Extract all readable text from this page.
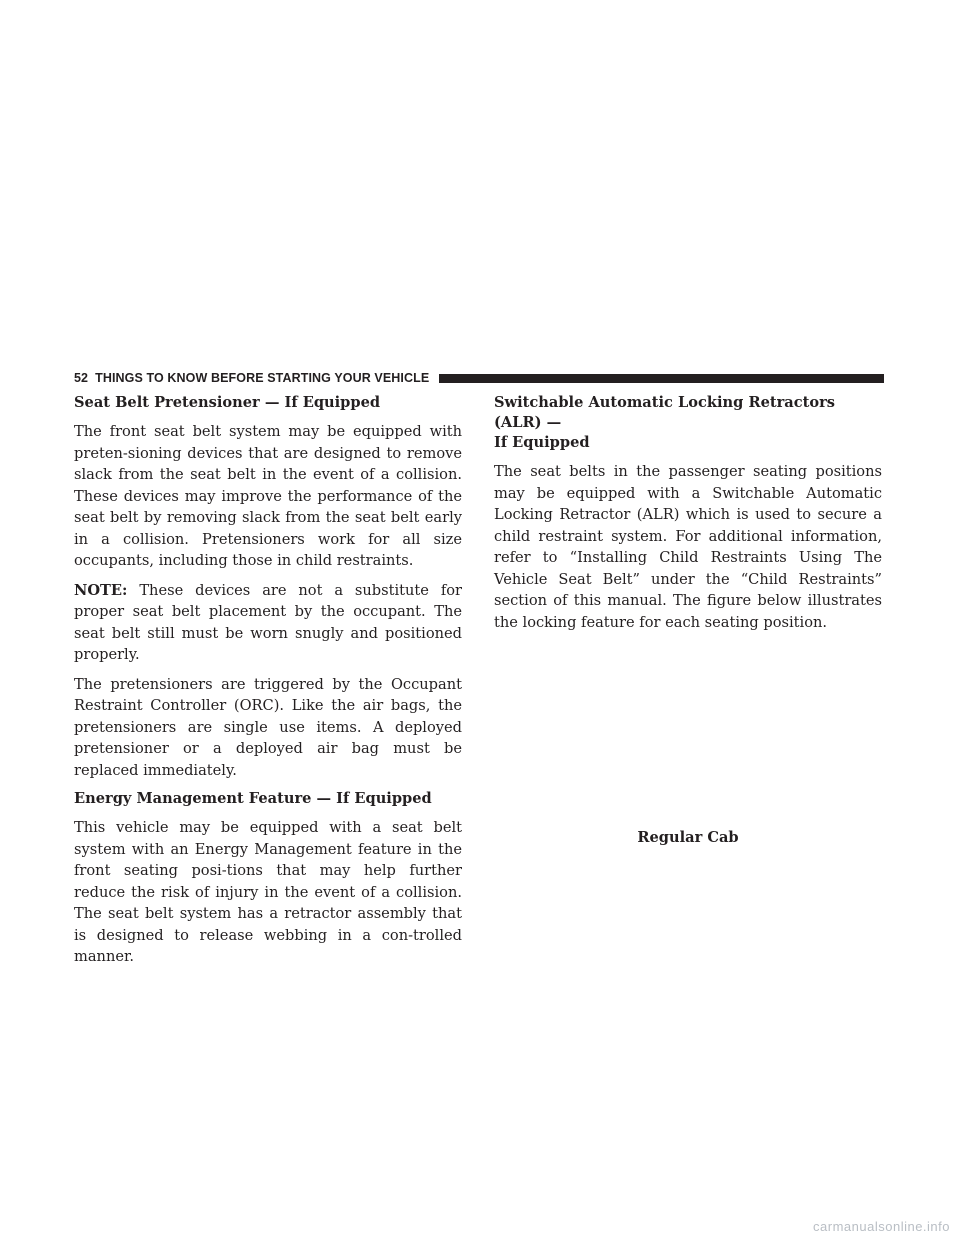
52 THINGS TO KNOW BEFORE STARTING YOUR VEHICLE
Seat Belt Pretensioner — If Equipped

The front seat belt system may be equipped with preten-sioning devices that are designed to remove slack from the seat belt in the event of a collision. These devices may improve the performance of the seat belt by removing slack from the seat belt early in a collision. Pretensioners work for all size occupants, including those in child restraints.

NOTE: These devices are not a substitute for proper seat belt placement by the occupant. The seat belt still must be worn snugly and positioned properly.

The pretensioners are triggered by the Occupant Restraint Controller (ORC). Like the air bags, the pretensioners are single use items. A deployed pretensioner or a deployed air bag must be replaced immediately.

Energy Management Feature — If Equipped

This vehicle may be equipped with a seat belt system with an Energy Management feature in the front seating posi-tions that may help further reduce the risk of injury in the event of a collision. The seat belt system has a retractor assembly that is designed to release webbing in a con-trolled manner.

Switchable Automatic Locking Retractors (ALR) —
If Equipped

The seat belts in the passenger seating positions may be equipped with a Switchable Automatic Locking Retractor (ALR) which is used to secure a child restraint system. For additional information, refer to “Installing Child Restraints Using The Vehicle Seat Belt” under the “Child Restraints” section of this manual. The figure below illustrates the locking feature for each seating position.

Regular Cab
carmanualsonline.info
